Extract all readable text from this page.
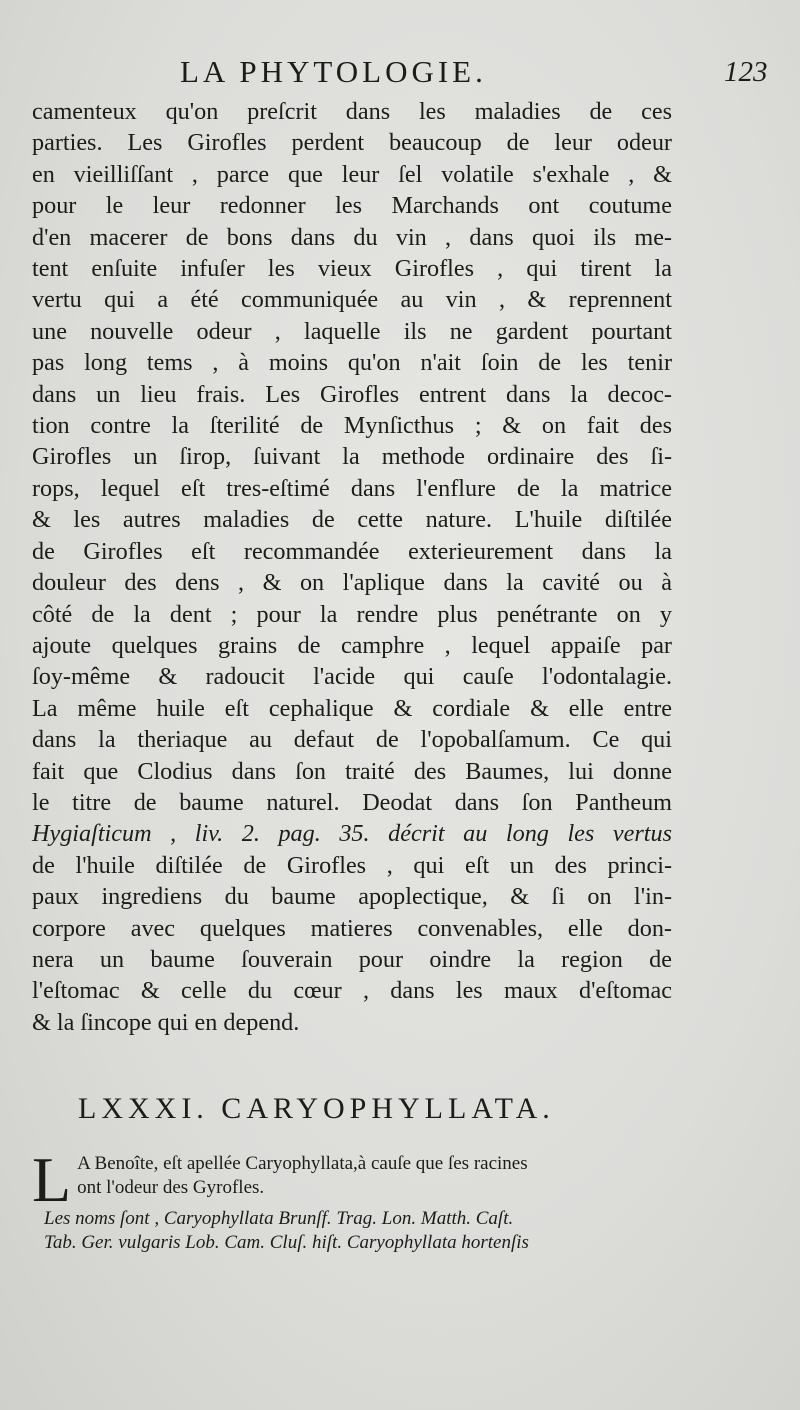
LA PHYTOLOGIE.	123
camenteux qu'on preſcrit dans les maladies de ces
parties. Les Girofles perdent beaucoup de leur odeur
en vieilliſſant , parce que leur ſel volatile s'exhale , &
pour le leur redonner les Marchands ont coutume
d'en macerer de bons dans du vin , dans quoi ils me-
tent enſuite infuſer les vieux Girofles , qui tirent la
vertu qui a été communiquée au vin , & reprennent
une nouvelle odeur , laquelle ils ne gardent pourtant
pas long tems , à moins qu'on n'ait ſoin de les tenir
dans un lieu frais. Les Girofles entrent dans la decoc-
tion contre la ſterilité de Mynſicthus ; & on fait des
Girofles un ſirop, ſuivant la methode ordinaire des ſi-
rops, lequel eſt tres-eſtimé dans l'enflure de la matrice
& les autres maladies de cette nature. L'huile diſtilée
de Girofles eſt recommandée exterieurement dans la
douleur des dens , & on l'aplique dans la cavité ou à
côté de la dent ; pour la rendre plus penétrante on y
ajoute quelques grains de camphre , lequel appaiſe par
ſoy-même & radoucit l'acide qui cauſe l'odontalagie.
La même huile eſt cephalique & cordiale & elle entre
dans la theriaque au defaut de l'opobalſamum. Ce qui
fait que Clodius dans ſon traité des Baumes, lui donne
le titre de baume naturel. Deodat dans ſon Pantheum
Hygiaſticum , liv. 2. pag. 35. décrit au long les vertus
de l'huile diſtilée de Girofles , qui eſt un des princi-
paux ingrediens du baume apoplectique, & ſi on l'in-
corpore avec quelques matieres convenables, elle don-
nera un baume ſouverain pour oindre la region de
l'eſtomac & celle du cœur , dans les maux d'eſtomac
& la ſincope qui en depend.
LXXXI. CARYOPHYLLATA.
L A Benoîte, eſt apellée Caryophyllata,à cauſe que ſes racines
ont l'odeur des Gyrofles.
Les noms ſont , Caryophyllata Brunſf. Trag. Lon. Matth. Caſt.
Tab. Ger. vulgaris Lob. Cam. Cluſ. hiſt. Caryophyllata hortenſis
